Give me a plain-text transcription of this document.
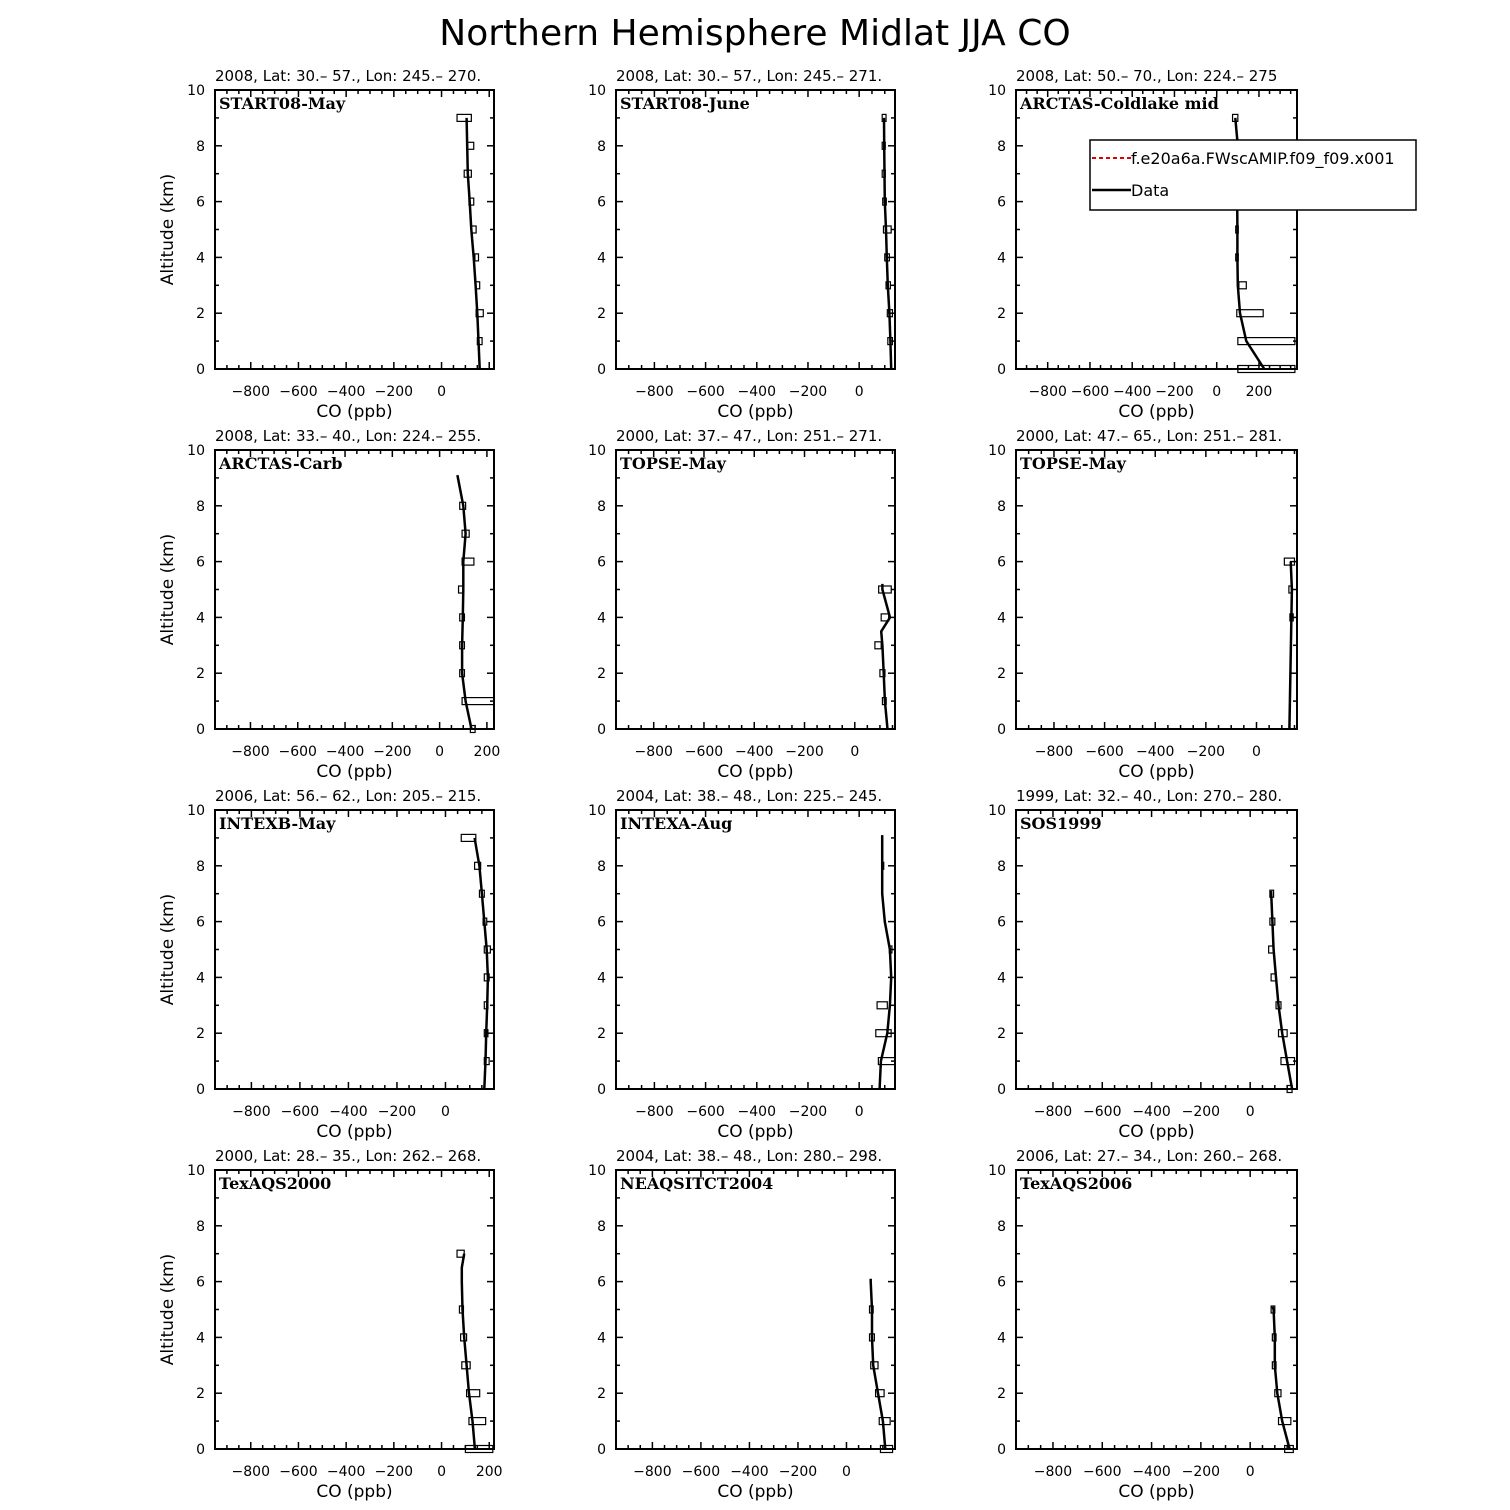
Northern Hemisphere Midlat JJA CO
2008, Lat: 30.– 57., Lon: 245.– 270.
START08-May
0
2
4
6
8
10
−800 −600 −400 −200 0
CO (ppb)
Altitude (km)
2008, Lat: 30.– 57., Lon: 245.– 271.
START08-June
0
2
4
6
8
10
−800 −600 −400 −200 0
CO (ppb)
2008, Lat: 50.– 70., Lon: 224.– 275
ARCTAS-Coldlake mid
0
2
4
6
8
10
−800 −600 −400 −200 0 200
CO (ppb)
2008, Lat: 33.– 40., Lon: 224.– 255.
ARCTAS-Carb
0
2
4
6
8
10
−800 −600 −400 −200 0 200
CO (ppb)
Altitude (km)
2000, Lat: 37.– 47., Lon: 251.– 271.
TOPSE-May
0
2
4
6
8
10
−800 −600 −400 −200 0
CO (ppb)
2000, Lat: 47.– 65., Lon: 251.– 281.
TOPSE-May
0
2
4
6
8
10
−800 −600 −400 −200 0
CO (ppb)
2006, Lat: 56.– 62., Lon: 205.– 215.
INTEXB-May
0
2
4
6
8
10
−800 −600 −400 −200 0
CO (ppb)
Altitude (km)
2004, Lat: 38.– 48., Lon: 225.– 245.
INTEXA-Aug
0
2
4
6
8
10
−800 −600 −400 −200 0
CO (ppb)
1999, Lat: 32.– 40., Lon: 270.– 280.
SOS1999
0
2
4
6
8
10
−800 −600 −400 −200 0
CO (ppb)
2000, Lat: 28.– 35., Lon: 262.– 268.
TexAQS2000
0
2
4
6
8
10
−800 −600 −400 −200 0 200
CO (ppb)
Altitude (km)
2004, Lat: 38.– 48., Lon: 280.– 298.
NEAQSITCT2004
0
2
4
6
8
10
−800 −600 −400 −200 0
CO (ppb)
2006, Lat: 27.– 34., Lon: 260.– 268.
TexAQS2006
0
2
4
6
8
10
−800 −600 −400 −200 0
CO (ppb)
f.e20a6a.FWscAMIP.f09_f09.x001
Data
